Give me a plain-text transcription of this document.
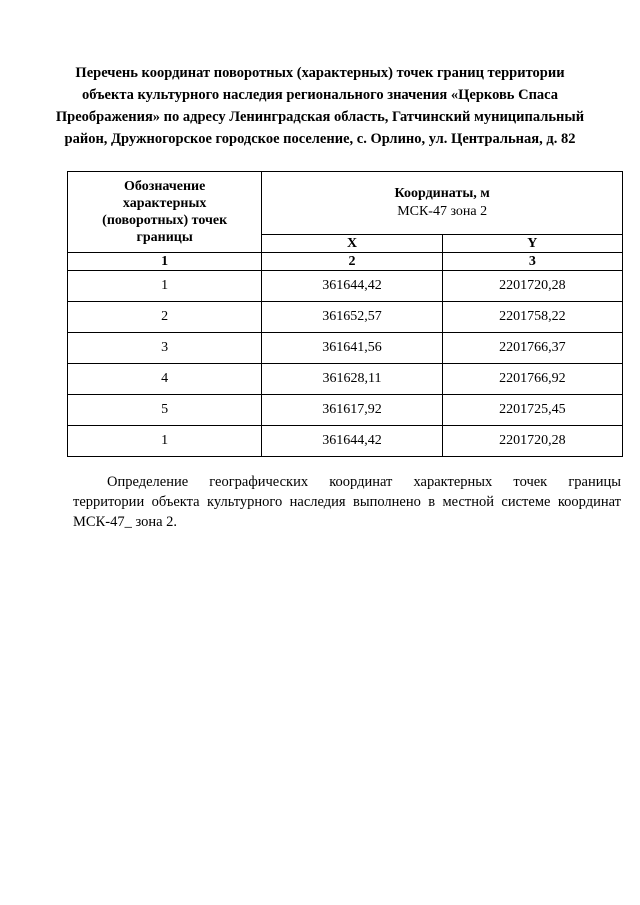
Перечень координат поворотных (характерных) точек границ территории
объекта культурного наследия регионального значения «Церковь Спаса
Преображения» по адресу Ленинградская область, Гатчинский муниципальный
район, Дружногорское городское поселение, с. Орлино, ул. Центральная, д. 82
Обозначение
характерных
(поворотных) точек
границы	Координаты, м
МСК-47 зона 2	

	X	Y
1	2	3
1	361644,42	2201720,28
2	361652,57	2201758,22
3	361641,56	2201766,37
4	361628,11	2201766,92
5	361617,92	2201725,45
1	361644,42	2201720,28
Определение географических координат характерных точек границы
территории объекта культурного наследия выполнено в местной системе координат
МСК-47_ зона 2.
